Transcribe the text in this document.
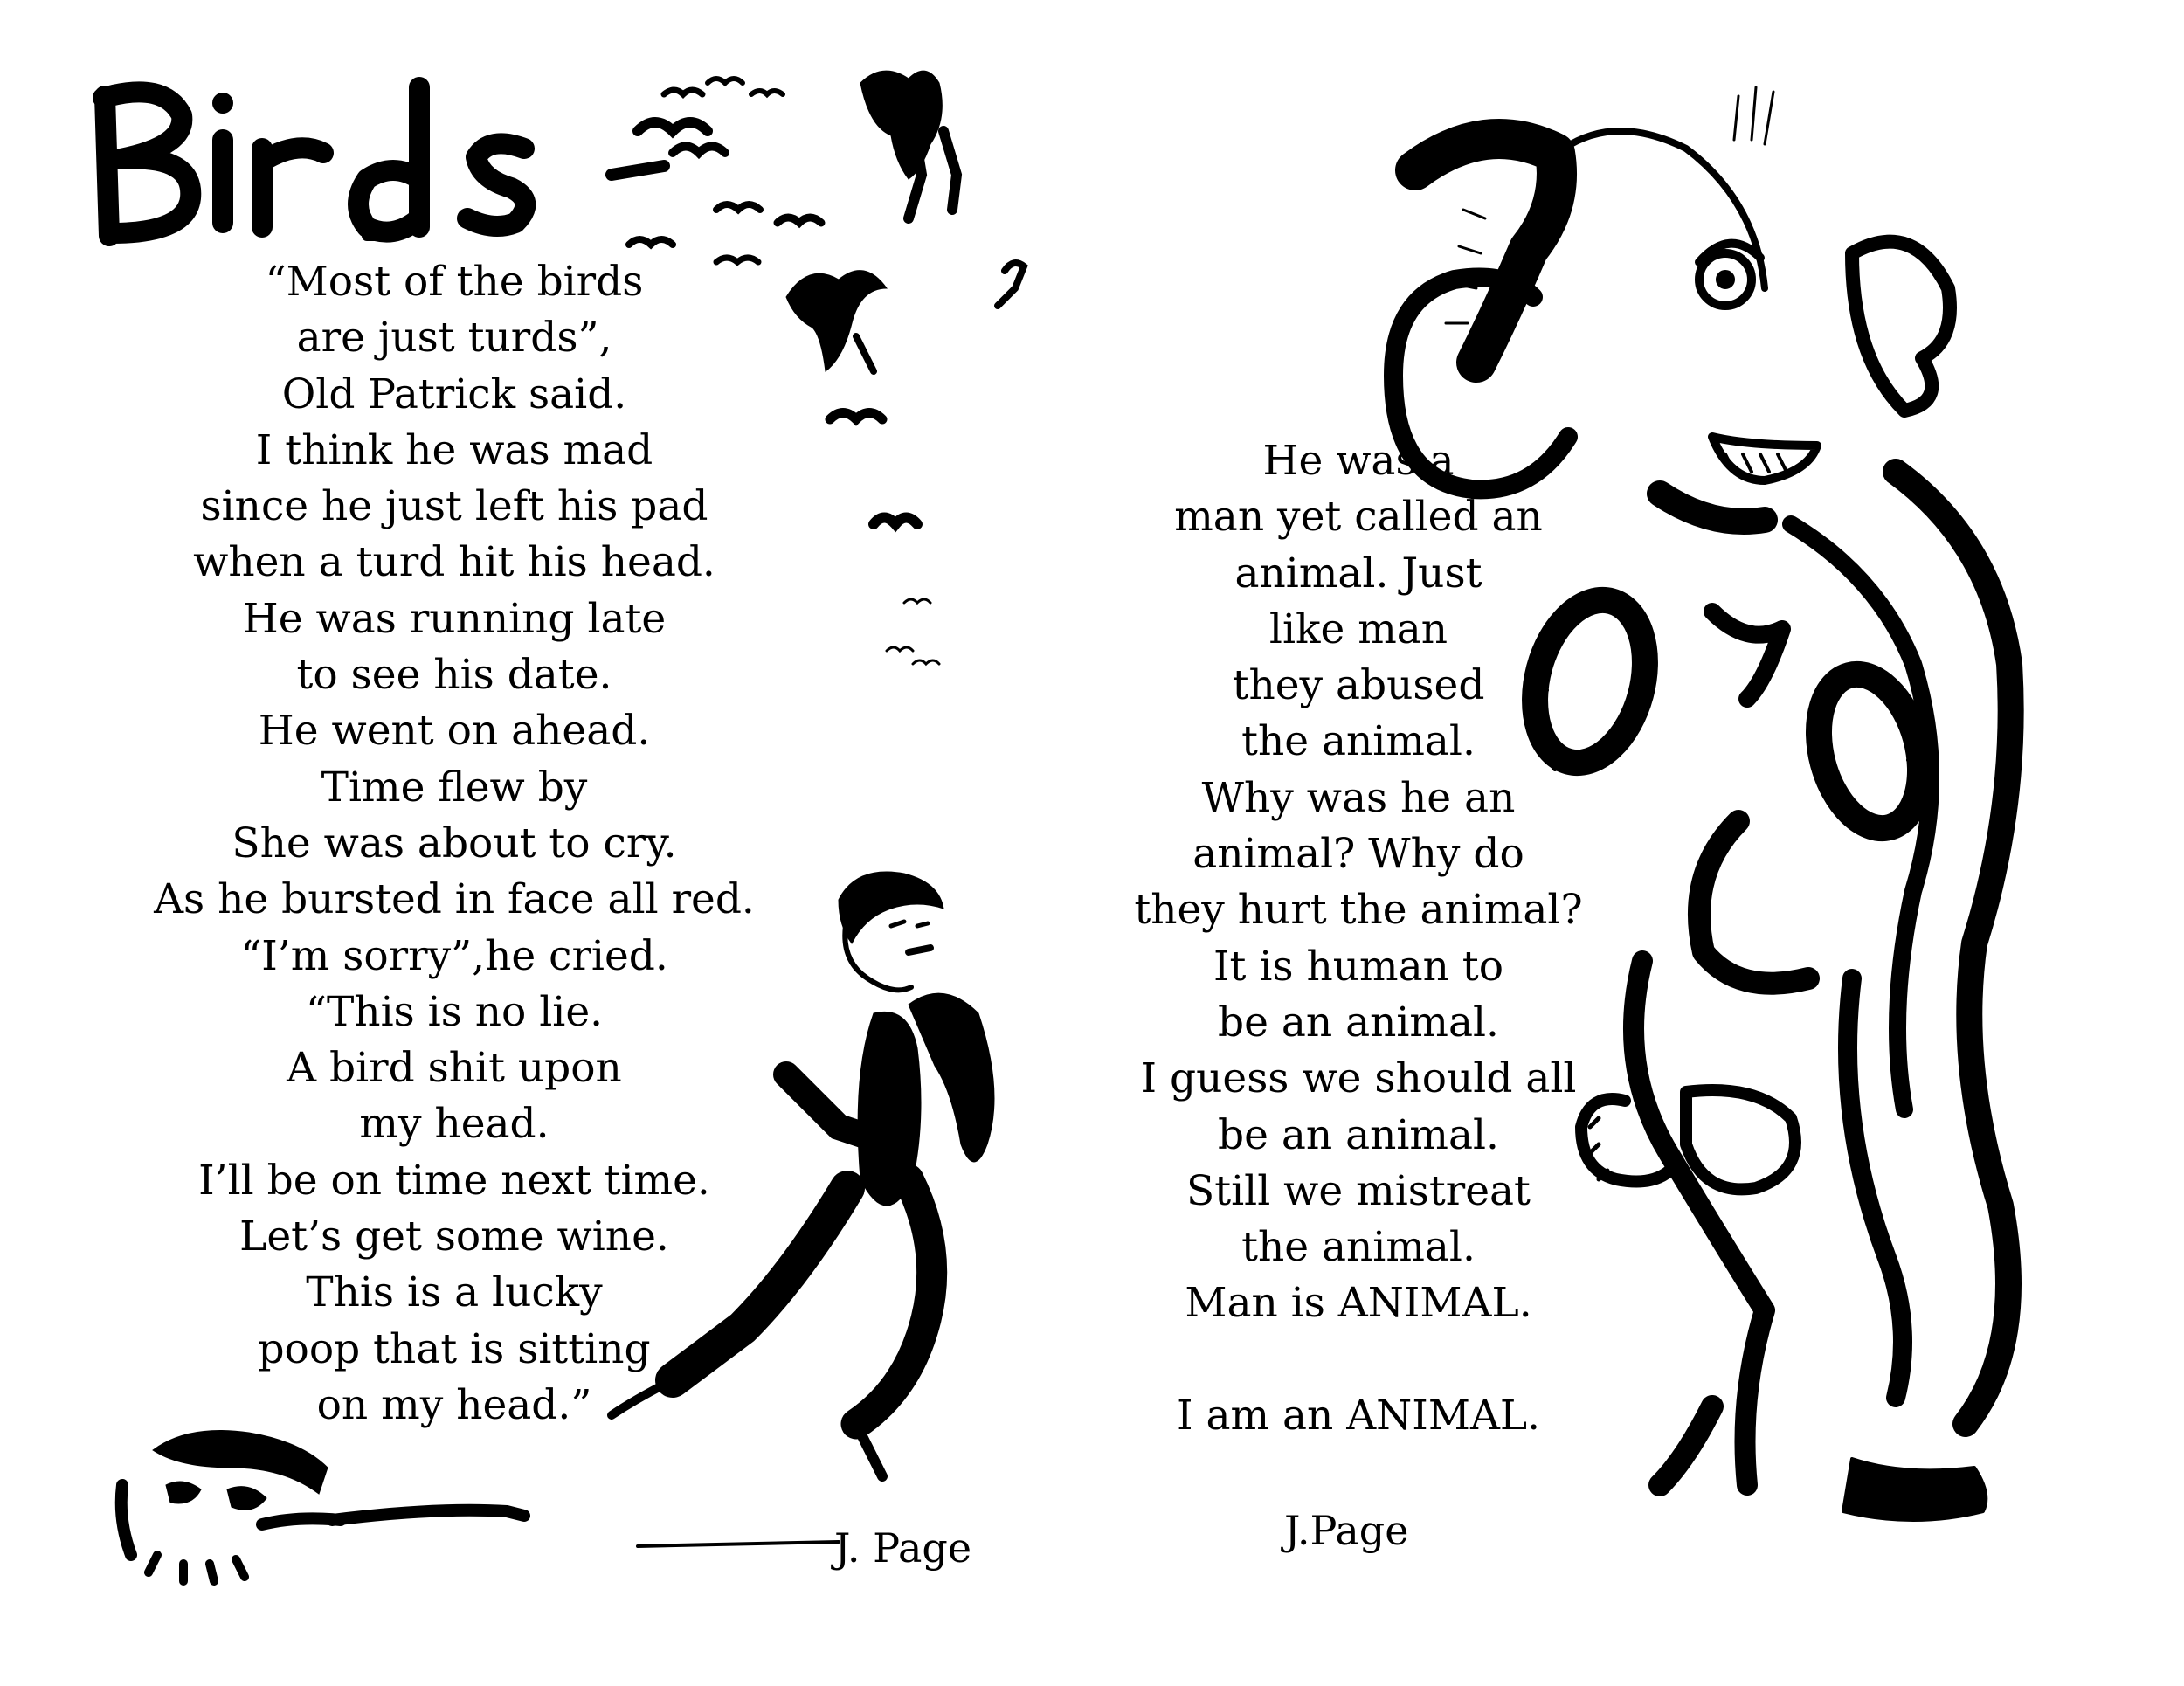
“Most of the birds
are just turds”,
Old Patrick said.
I think he was mad
since he just left his pad
when a turd hit his head.
He was running late
to see his date.
He went on ahead.
Time flew by
She was about to cry.
As he bursted in face all red.
“I’m sorry”,he cried.
“This is no lie.
A bird shit upon
my head.
I’ll be on time next time.
Let’s get some wine.
This is a lucky
poop that is sitting
on my head.”
J. Page
He was a
man yet called an
animal. Just
like man
they abused
the animal.
Why was he an
animal? Why do
they hurt the animal?
It is human to
be an animal.
I guess we should all
be an animal.
Still we mistreat
the animal.
Man is ANIMAL.
I am an ANIMAL.
J.Page
